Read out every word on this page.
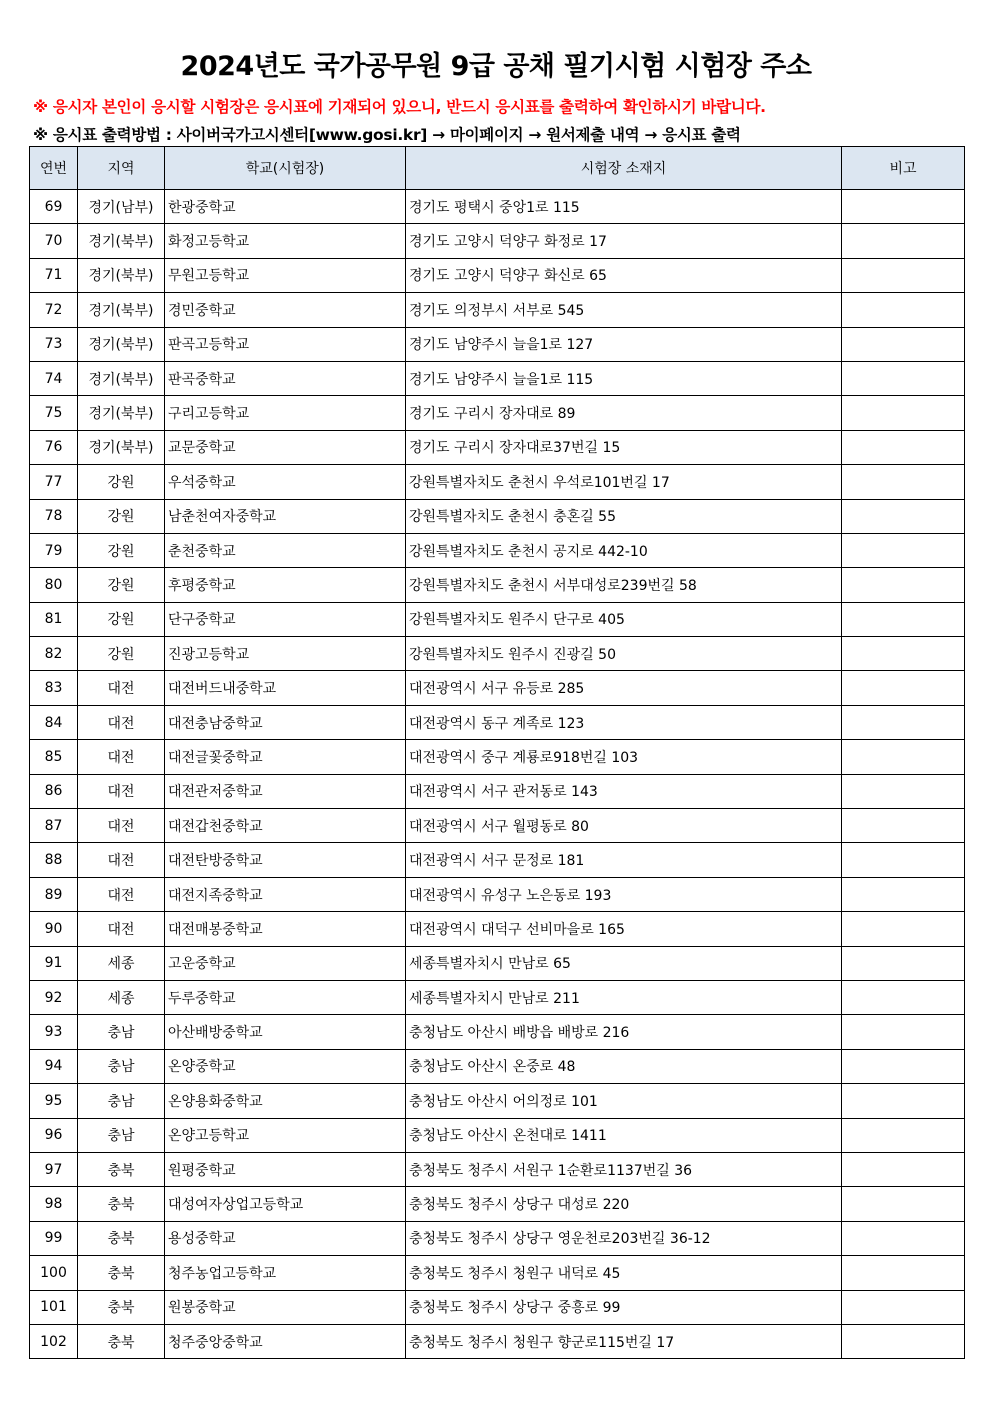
2024년도 국가공무원 9급 공채 필기시험 시험장 주소
※ 응시자 본인이 응시할 시험장은 응시표에 기재되어 있으니, 반드시 응시표를 출력하여 확인하시기 바랍니다.
※ 응시표 출력방법 : 사이버국가고시센터[www.gosi.kr] → 마이페이지 → 원서제출 내역 → 응시표 출력
연번	지역	학교(시험장)	시험장 소재지	비고
69	경기(남부)	한광중학교	경기도 평택시 중앙1로 115	
70	경기(북부)	화정고등학교	경기도 고양시 덕양구 화정로 17	
71	경기(북부)	무원고등학교	경기도 고양시 덕양구 화신로 65	
72	경기(북부)	경민중학교	경기도 의정부시 서부로 545	
73	경기(북부)	판곡고등학교	경기도 남양주시 늘을1로 127	
74	경기(북부)	판곡중학교	경기도 남양주시 늘을1로 115	
75	경기(북부)	구리고등학교	경기도 구리시 장자대로 89	
76	경기(북부)	교문중학교	경기도 구리시 장자대로37번길 15	
77	강원	우석중학교	강원특별자치도 춘천시 우석로101번길 17	
78	강원	남춘천여자중학교	강원특별자치도 춘천시 충혼길 55	
79	강원	춘천중학교	강원특별자치도 춘천시 공지로 442-10	
80	강원	후평중학교	강원특별자치도 춘천시 서부대성로239번길 58	
81	강원	단구중학교	강원특별자치도 원주시 단구로 405	
82	강원	진광고등학교	강원특별자치도 원주시 진광길 50	
83	대전	대전버드내중학교	대전광역시 서구 유등로 285	
84	대전	대전충남중학교	대전광역시 동구 계족로 123	
85	대전	대전글꽃중학교	대전광역시 중구 계룡로918번길 103	
86	대전	대전관저중학교	대전광역시 서구 관저동로 143	
87	대전	대전갑천중학교	대전광역시 서구 월평동로 80	
88	대전	대전탄방중학교	대전광역시 서구 문정로 181	
89	대전	대전지족중학교	대전광역시 유성구 노은동로 193	
90	대전	대전매봉중학교	대전광역시 대덕구 선비마을로 165	
91	세종	고운중학교	세종특별자치시 만남로 65	
92	세종	두루중학교	세종특별자치시 만남로 211	
93	충남	아산배방중학교	충청남도 아산시 배방읍 배방로 216	
94	충남	온양중학교	충청남도 아산시 온중로 48	
95	충남	온양용화중학교	충청남도 아산시 어의정로 101	
96	충남	온양고등학교	충청남도 아산시 온천대로 1411	
97	충북	원평중학교	충청북도 청주시 서원구 1순환로1137번길 36	
98	충북	대성여자상업고등학교	충청북도 청주시 상당구 대성로 220	
99	충북	용성중학교	충청북도 청주시 상당구 영운천로203번길 36-12	
100	충북	청주농업고등학교	충청북도 청주시 청원구 내덕로 45	
101	충북	원봉중학교	충청북도 청주시 상당구 중흥로 99	
102	충북	청주중앙중학교	충청북도 청주시 청원구 향군로115번길 17	
